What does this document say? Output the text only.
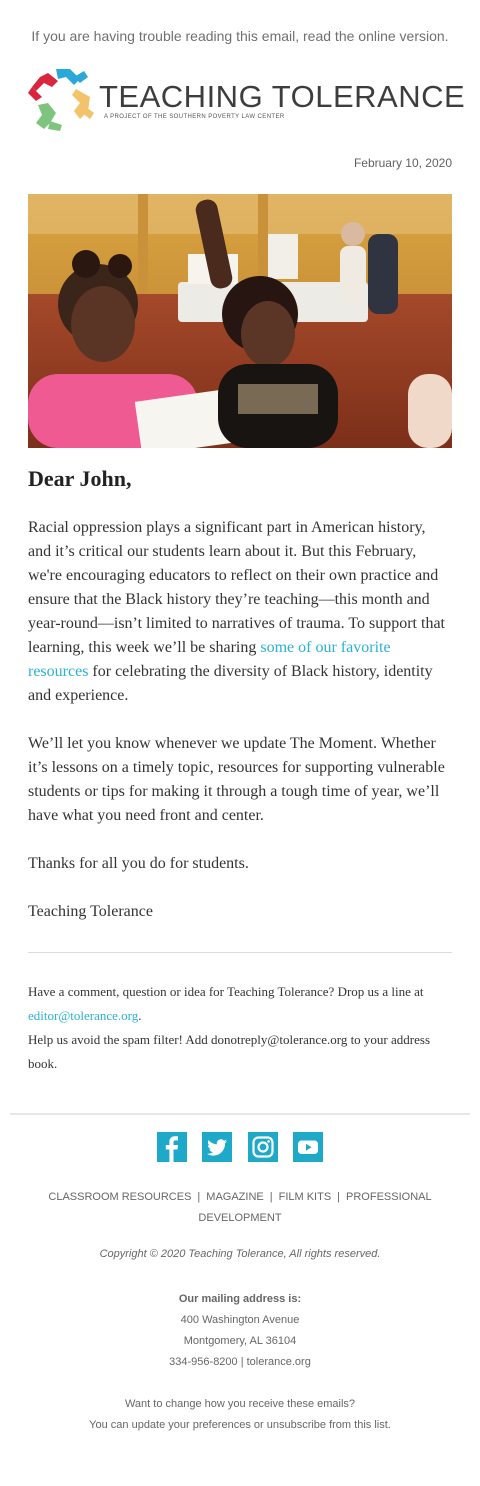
If you are having trouble reading this email, read the online version.
TEACHING TOLERANCE
A PROJECT OF THE SOUTHERN POVERTY LAW CENTER
February 10, 2020
Dear John,
Racial oppression plays a significant part in American history, and it’s critical our students learn about it. But this February, we're encouraging educators to reflect on their own practice and ensure that the Black history they’re teaching—this month and year-round—isn’t limited to narratives of trauma. To support that learning, this week we’ll be sharing some of our favorite resources for celebrating the diversity of Black history, identity and experience.
We’ll let you know whenever we update The Moment. Whether it’s lessons on a timely topic, resources for supporting vulnerable students or tips for making it through a tough time of year, we’ll have what you need front and center.
Thanks for all you do for students.
Teaching Tolerance
Have a comment, question or idea for Teaching Tolerance? Drop us a line at editor@tolerance.org.
Help us avoid the spam filter! Add donotreply@tolerance.org to your address book.
CLASSROOM RESOURCES | MAGAZINE | FILM KITS | PROFESSIONAL DEVELOPMENT
Copyright © 2020 Teaching Tolerance, All rights reserved.
Our mailing address is:
400 Washington Avenue
Montgomery, AL 36104
334-956-8200 | tolerance.org
Want to change how you receive these emails?
You can update your preferences or unsubscribe from this list.
